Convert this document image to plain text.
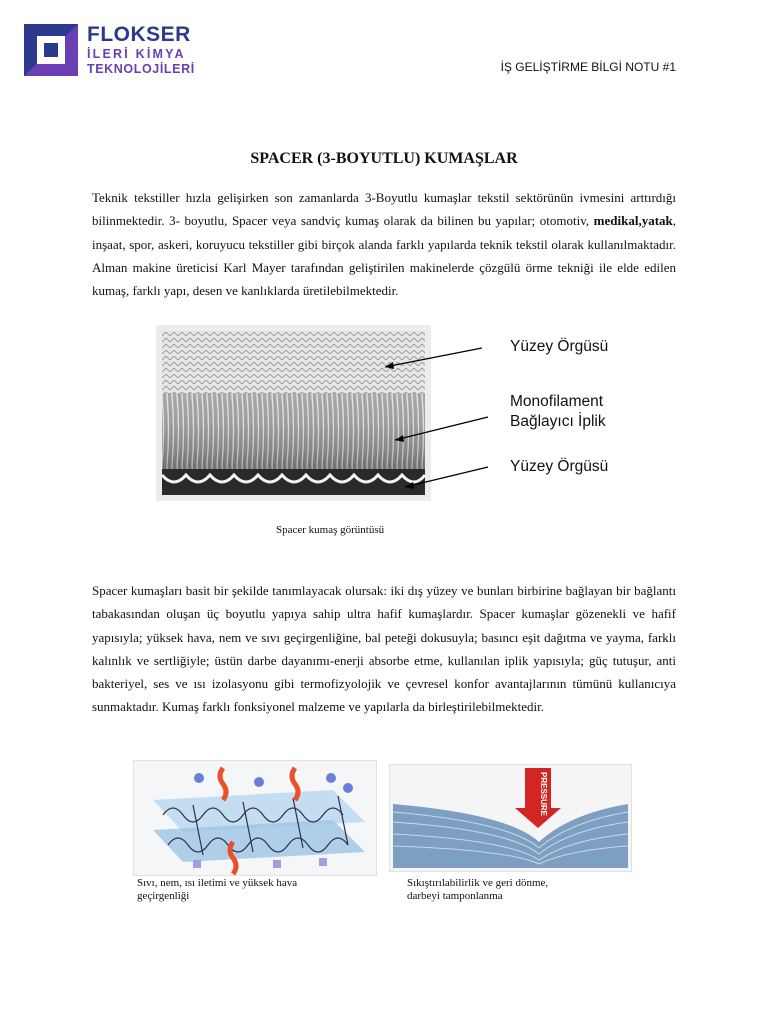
FLOKSER
İLERİ KİMYA
TEKNOLOJİLERİ	İŞ GELİŞTİRME BİLGİ NOTU #1
SPACER (3-BOYUTLU) KUMAŞLAR

Teknik tekstiller hızla gelişirken son zamanlarda 3-Boyutlu kumaşlar tekstil sektörünün ivmesini arttırdığı bilinmektedir. 3- boyutlu, Spacer veya sandviç kumaş olarak da bilinen bu yapılar; otomotiv, medikal,yatak, inşaat, spor, askeri, koruyucu tekstiller gibi birçok alanda farklı yapılarda teknik tekstil olarak kullanılmaktadır. Alman makine üreticisi Karl Mayer tarafından geliştirilen makinelerde çözgülü örme tekniği ile elde edilen kumaş, farklı yapı, desen ve kanlıklarda üretilebilmektedir.

Yüzey Örgüsü
Monofilament
Bağlayıcı İplik
Yüzey Örgüsü
Spacer kumaş görüntüsü

Spacer kumaşları basit bir şekilde tanımlayacak olursak: iki dış yüzey ve bunları birbirine bağlayan bir bağlantı tabakasından oluşan üç boyutlu yapıya sahip ultra hafif kumaşlardır. Spacer kumaşlar gözenekli ve hafif yapısıyla; yüksek hava, nem ve sıvı geçirgenliğine, bal peteği dokusuyla; basıncı eşit dağıtma ve yayma, farklı kalınlık ve sertliğiyle; üstün darbe dayanımı-enerji absorbe etme, kullanılan iplik yapısıyla; güç tutuşur, anti bakteriyel, ses ve ısı izolasyonu gibi termofizyolojik ve çevresel konfor avantajlarının tümünü kullanıcıya sunmaktadır. Kumaş farklı fonksiyonel malzeme ve yapılarla da birleştirilebilmektedir.

PRESSURE
Sıvı, nem, ısı iletimi ve yüksek hava
geçirgenliği
Sıkıştırılabilirlik ve geri dönme,
darbeyi tamponlanma
